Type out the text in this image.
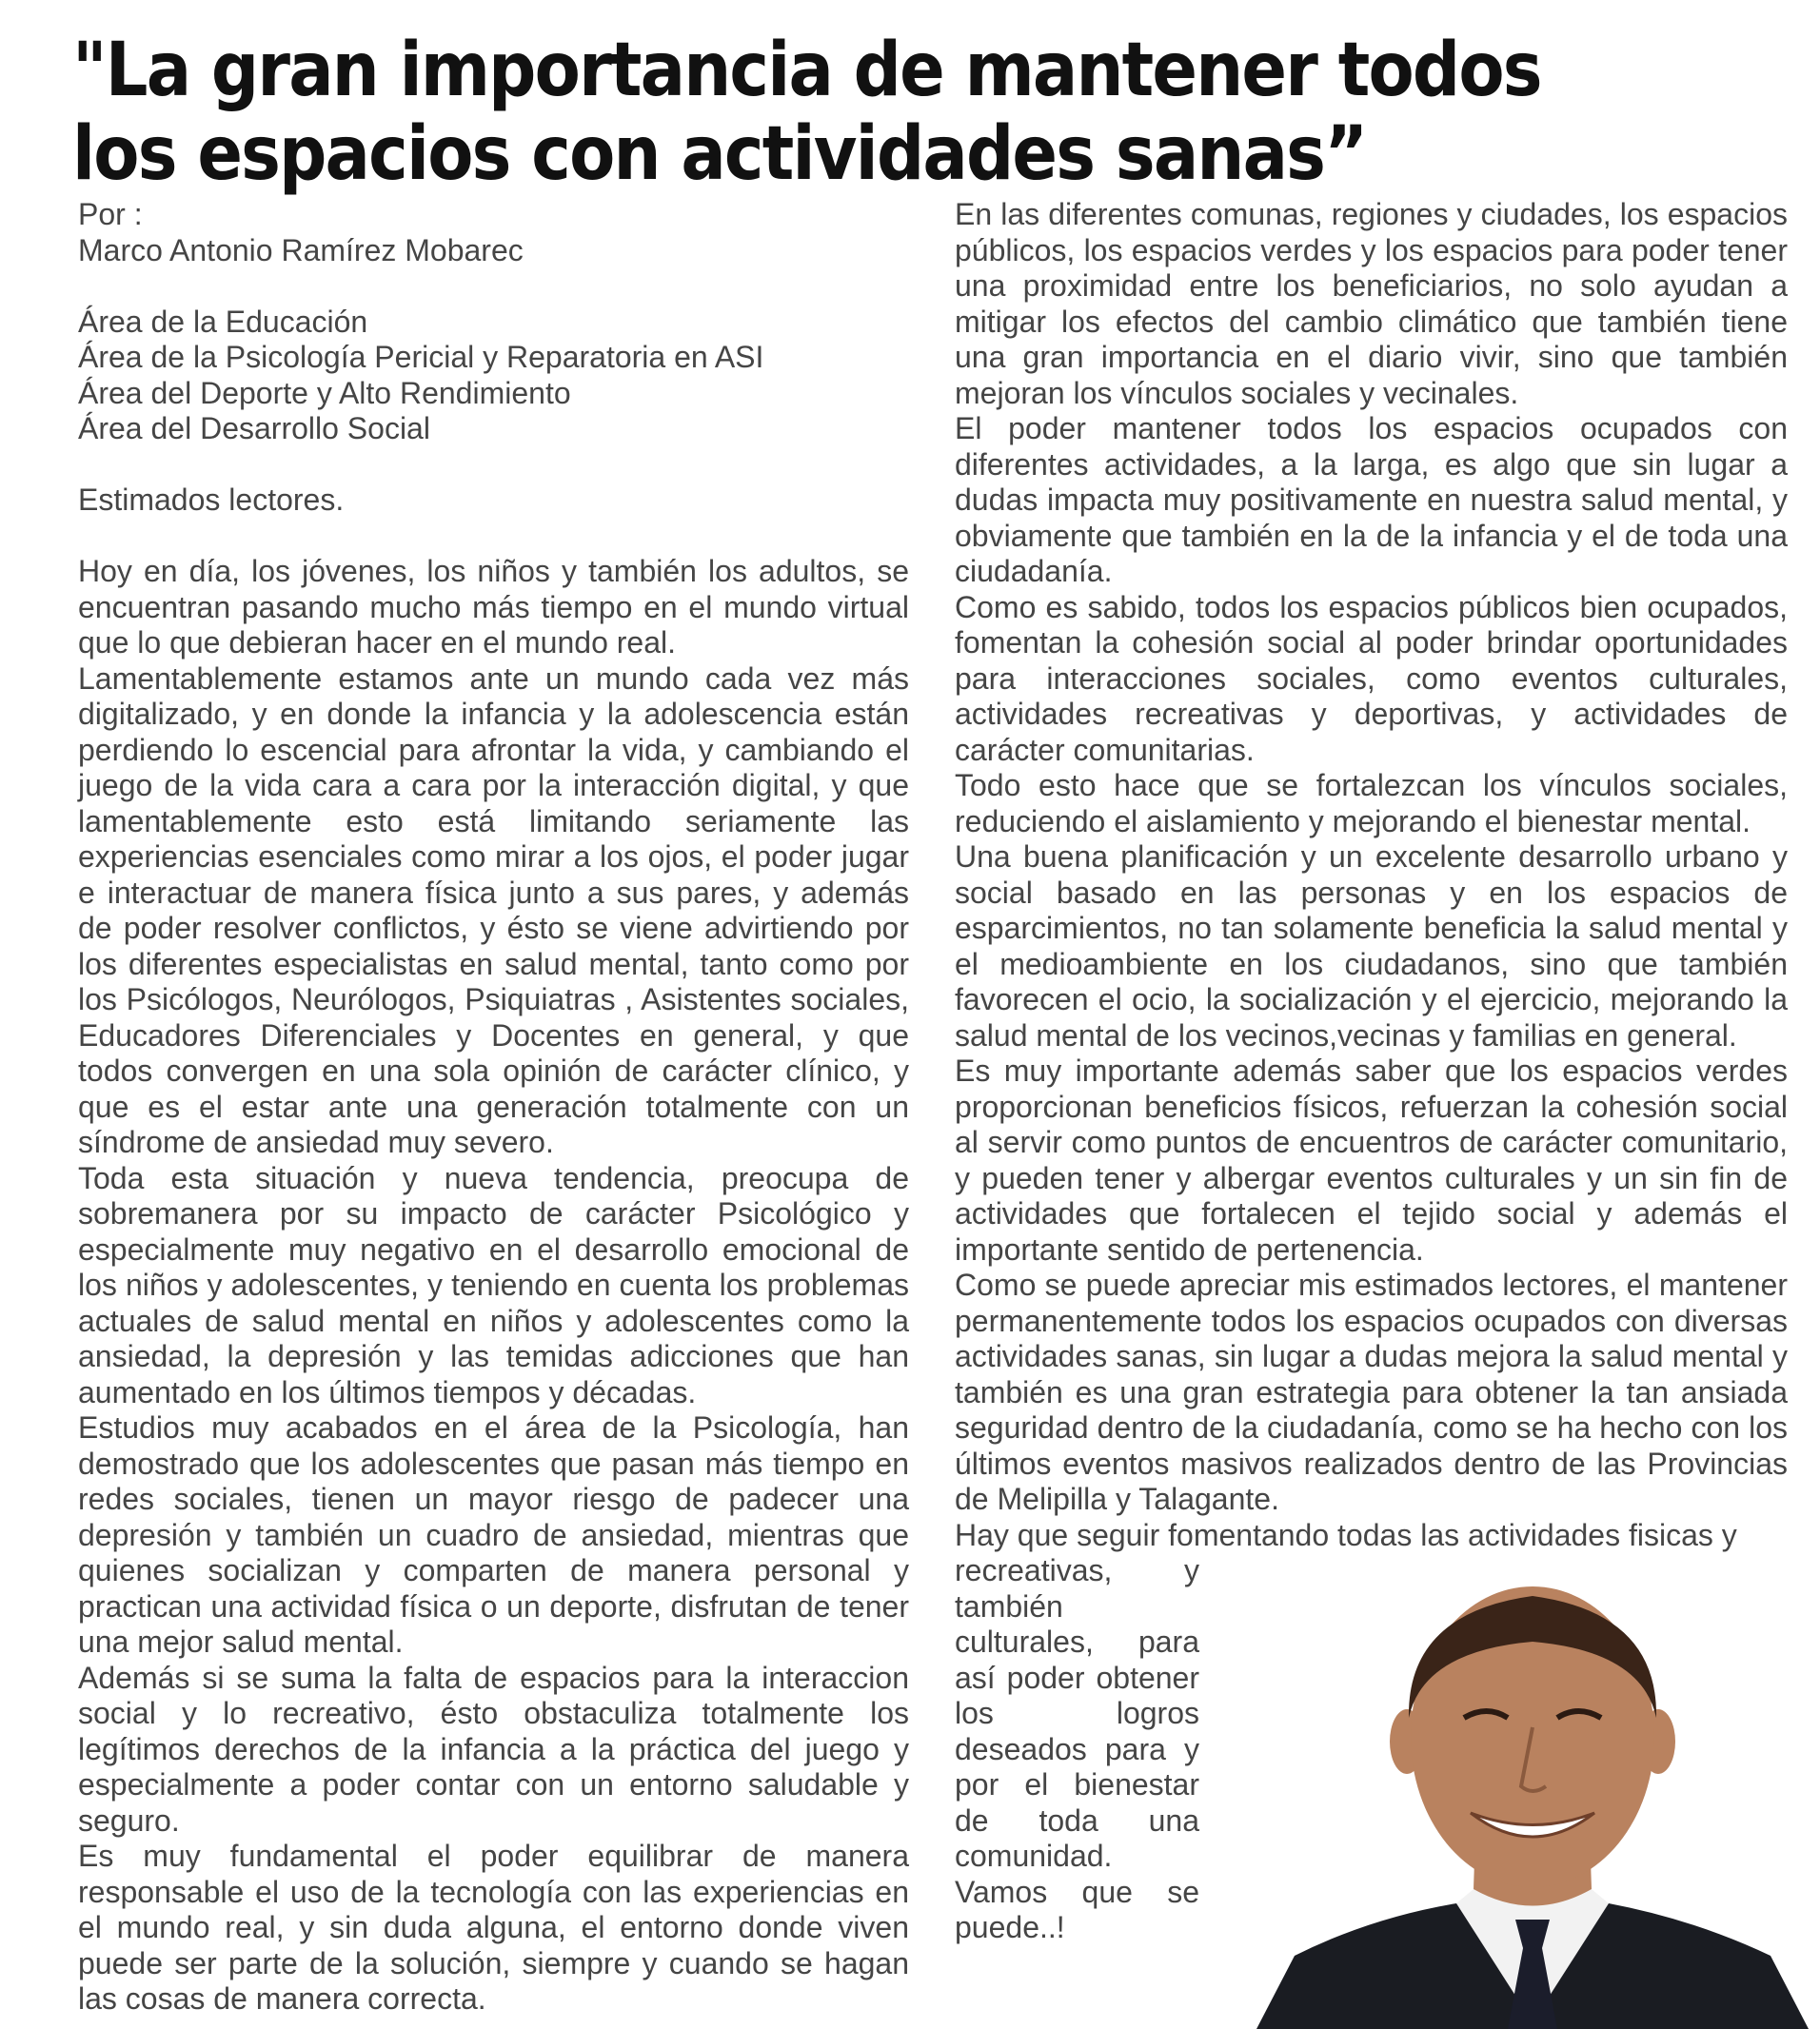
"La gran importancia de mantener todos los espacios con actividades sanas”

Por :

Marco Antonio Ramírez Mobarec

Área de la Educación

Área de la Psicología Pericial y Reparatoria en ASI

Área del Deporte y Alto Rendimiento

Área del Desarrollo Social

Estimados lectores.

Hoy en día, los jóvenes, los niños y también los adultos, se encuentran pasando mucho más tiempo en el mundo virtual que lo que debieran hacer en el mundo real.

Lamentablemente estamos ante un mundo cada vez más digitalizado, y en donde la infancia y la adolescencia están perdiendo lo escencial para afrontar la vida, y cambiando el juego de la vida cara a cara por la interacción digital, y que lamentablemente esto está limitando seriamente las experiencias esenciales como mirar a los ojos, el poder jugar e interactuar de manera física junto a sus pares, y además de poder resolver conflictos, y ésto se viene advirtiendo por los diferentes especialistas en salud mental, tanto como por los Psicólogos, Neurólogos, Psiquiatras , Asistentes sociales, Educadores Diferenciales y Docentes en general, y que todos convergen en una sola opinión de carácter clínico, y que es el estar ante una generación totalmente con un síndrome de ansiedad muy severo.

Toda esta situación y nueva tendencia, preocupa de sobremanera por su impacto de carácter Psicológico y especialmente muy negativo en el desarrollo emocional de los niños y adolescentes, y teniendo en cuenta los problemas actuales de salud mental en niños y adolescentes como la ansiedad, la depresión y las temidas adicciones que han aumentado en los últimos tiempos y décadas.

Estudios muy acabados en el área de la Psicología, han demostrado que los adolescentes que pasan más tiempo en redes sociales, tienen un mayor riesgo de padecer una depresión y también un cuadro de ansiedad, mientras que quienes socializan y comparten de manera personal y practican una actividad física o un deporte, disfrutan de tener una mejor salud mental.

Además si se suma la falta de espacios para la interaccion social y lo recreativo, ésto obstaculiza totalmente los legítimos derechos de la infancia a la práctica del juego y especialmente a poder contar con un entorno saludable y seguro.

Es muy fundamental el poder equilibrar de manera responsable el uso de la tecnología con las experiencias en el mundo real, y sin duda alguna, el entorno donde viven puede ser parte de la solución, siempre y cuando se hagan las cosas de manera correcta.

En las diferentes comunas, regiones y ciudades, los espacios públicos, los espacios verdes y los espacios para poder tener una proximidad entre los beneficiarios, no solo ayudan a mitigar los efectos del cambio climático que también tiene una gran importancia en el diario vivir, sino que también mejoran los vínculos sociales y vecinales.

El poder mantener todos los espacios ocupados con diferentes actividades, a la larga, es algo que sin lugar a dudas impacta muy positivamente en nuestra salud mental, y obviamente que también en la de la infancia y el de toda una ciudadanía.

Como es sabido, todos los espacios públicos bien ocupados, fomentan la cohesión social al poder brindar oportunidades para interacciones sociales, como eventos culturales, actividades recreativas y deportivas, y actividades de carácter comunitarias.

Todo esto hace que se fortalezcan los vínculos sociales, reduciendo el aislamiento y mejorando el bienestar mental.

Una buena planificación y un excelente desarrollo urbano y social basado en las personas y en los espacios de esparcimientos, no tan solamente beneficia la salud mental y el medioambiente en los ciudadanos, sino que también favorecen el ocio, la socialización y el ejercicio, mejorando la salud mental de los vecinos,vecinas y familias en general.

Es muy importante además saber que los espacios verdes proporcionan beneficios físicos, refuerzan la cohesión social al servir como puntos de encuentros de carácter comunitario, y pueden tener y albergar eventos culturales y un sin fin de actividades que fortalecen el tejido social y además el importante sentido de pertenencia.

Como se puede apreciar mis estimados lectores, el mantener permanentemente todos los espacios ocupados con diversas actividades sanas, sin lugar a dudas mejora la salud mental y también es una gran estrategia para obtener la tan ansiada seguridad dentro de la ciudadanía, como se ha hecho con los últimos eventos masivos realizados dentro de las Provincias de Melipilla y Talagante.

Hay que seguir fomentando todas las actividades fisicas y

recreativas, y también culturales, para así poder obtener los logros deseados para y por el bienestar de toda una comunidad.

Vamos que se puede..!
